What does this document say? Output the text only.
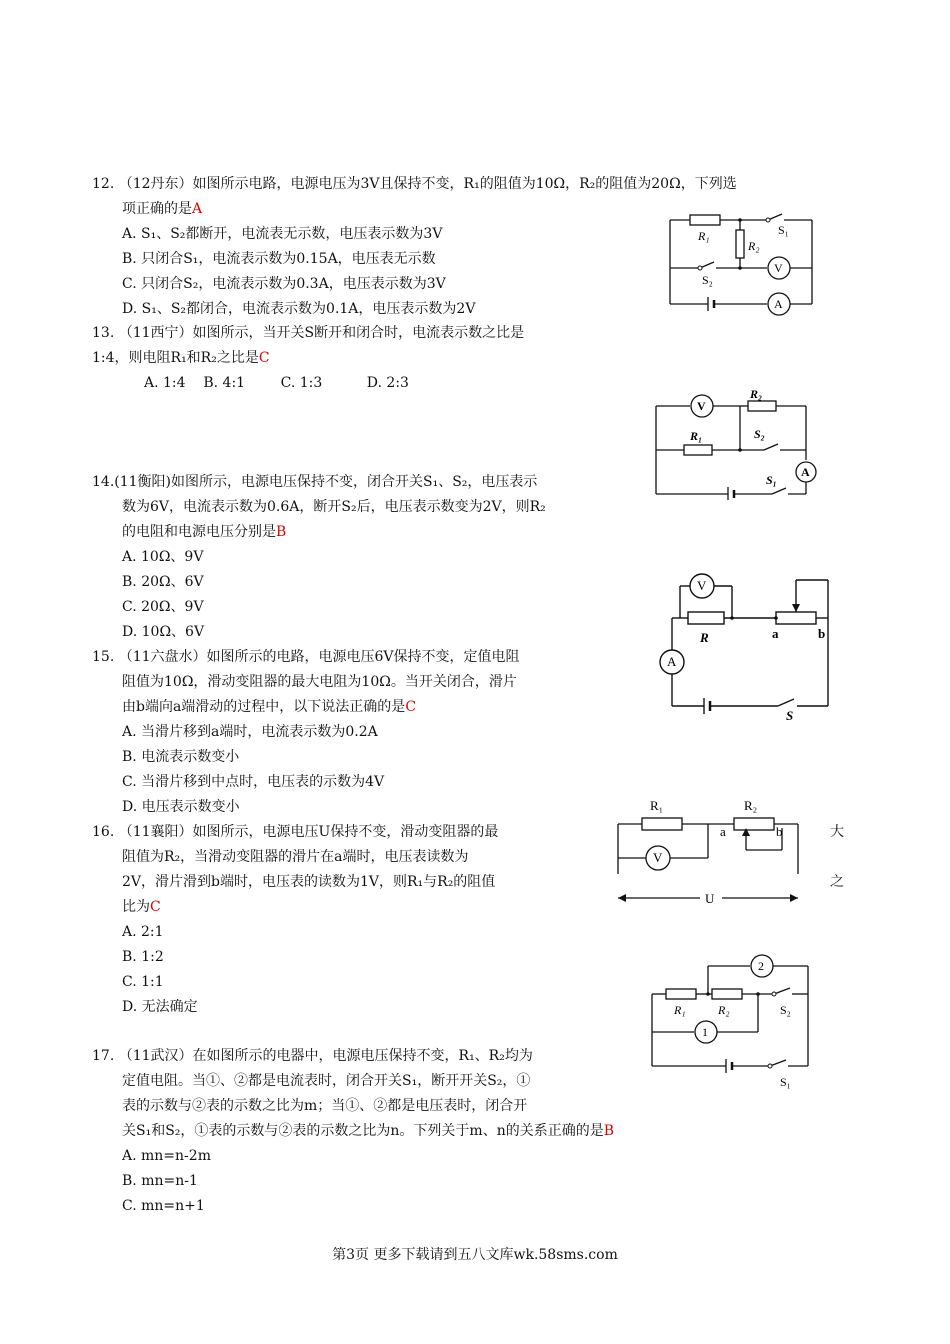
12. （12丹东）如图所示电路，电源电压为3V且保持不变，R₁的阻值为10Ω，R₂的阻值为20Ω，下列选
项正确的是A
A. S₁、S₂都断开，电流表无示数，电压表示数为3V
B. 只闭合S₁，电流表示数为0.15A，电压表无示数
C. 只闭合S₂，电流表示数为0.3A，电压表示数为3V
D. S₁、S₂都闭合，电流表示数为0.1A，电压表示数为2V
R₁
R₂
S₁
S₂
V
A
13. （11西宁）如图所示，当开关S断开和闭合时，电流表示数之比是
1:4，则电阻R₁和R₂之比是C
A. 1:4    B. 4:1        C. 1:3          D. 2:3
V
R₂
R₁	S₂
S₁
A
14.(11衡阳)如图所示，电源电压保持不变，闭合开关S₁、S₂，电压表示
数为6V，电流表示数为0.6A，断开S₂后，电压表示数变为2V，则R₂
的电阻和电源电压分别是B
A. 10Ω、9V
B. 20Ω、6V
C. 20Ω、9V
D. 10Ω、6V
V
R	a	b
A
S
15. （11六盘水）如图所示的电路，电源电压6V保持不变，定值电阻
阻值为10Ω，滑动变阻器的最大电阻为10Ω。当开关闭合，滑片
由b端向a端滑动的过程中，以下说法正确的是C
A. 当滑片移到a端时，电流表示数为0.2A
B. 电流表示数变小
C. 当滑片移到中点时，电压表的示数为4V
D. 电压表示数变小
16. （11襄阳）如图所示，电源电压U保持不变，滑动变阻器的最	大
阻值为R₂，当滑动变阻器的滑片在a端时，电压表读数为
2V，滑片滑到b端时，电压表的读数为1V，则R₁与R₂的阻值	之
比为C
A. 2:1
B. 1:2
C. 1:1
D. 无法确定
R₁	R₂
a	b
V
U
2
R₁	R₂	S₂
1
S₁
17. （11武汉）在如图所示的电器中，电源电压保持不变，R₁、R₂均为
定值电阻。当①、②都是电流表时，闭合开关S₁，断开开关S₂，①
表的示数与②表的示数之比为m；当①、②都是电压表时，闭合开
关S₁和S₂，①表的示数与②表的示数之比为n。下列关于m、n的关系正确的是B
A. mn=n-2m
B. mn=n-1
C. mn=n+1
第3页 更多下载请到五八文库wk.58sms.com
